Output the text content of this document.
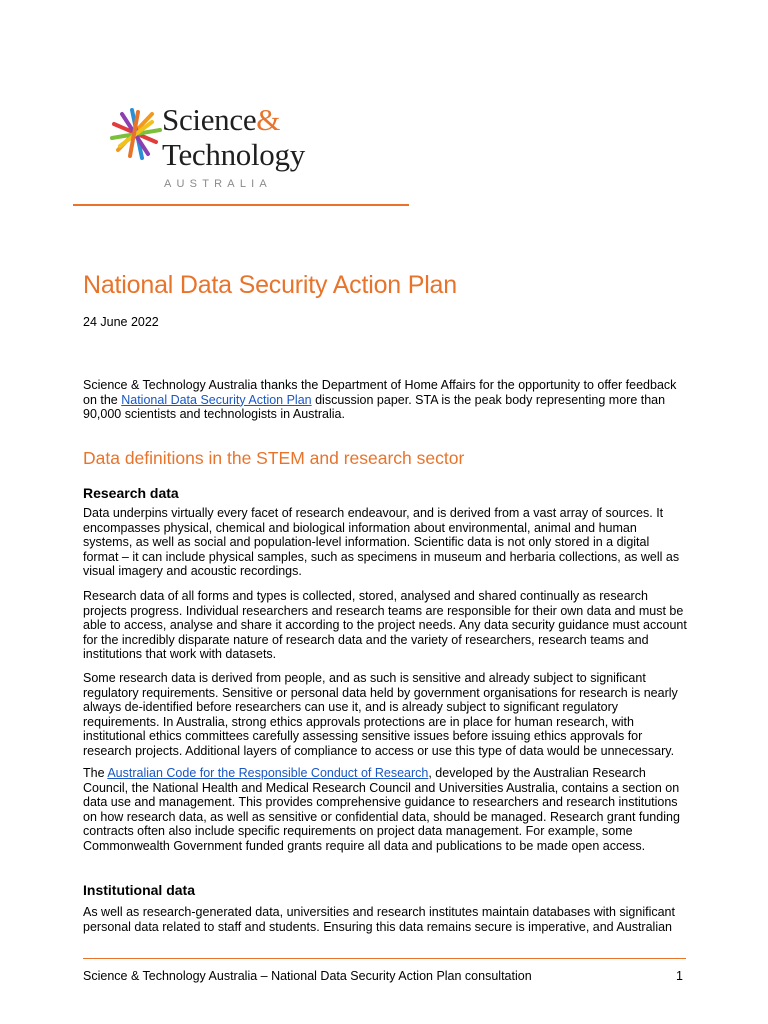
Science&
Technology
AUSTRALIA
National Data Security Action Plan
24 June 2022

Science & Technology Australia thanks the Department of Home Affairs for the opportunity to offer feedback on the National Data Security Action Plan discussion paper. STA is the peak body representing more than 90,000 scientists and technologists in Australia.

Data definitions in the STEM and research sector
Research data

Data underpins virtually every facet of research endeavour, and is derived from a vast array of sources. It encompasses physical, chemical and biological information about environmental, animal and human systems, as well as social and population-level information. Scientific data is not only stored in a digital format – it can include physical samples, such as specimens in museum and herbaria collections, as well as visual imagery and acoustic recordings.

Research data of all forms and types is collected, stored, analysed and shared continually as research projects progress. Individual researchers and research teams are responsible for their own data and must be able to access, analyse and share it according to the project needs. Any data security guidance must account for the incredibly disparate nature of research data and the variety of researchers, research teams and institutions that work with datasets.

Some research data is derived from people, and as such is sensitive and already subject to significant regulatory requirements. Sensitive or personal data held by government organisations for research is nearly always de-identified before researchers can use it, and is already subject to significant regulatory requirements. In Australia, strong ethics approvals protections are in place for human research, with institutional ethics committees carefully assessing sensitive issues before issuing ethics approvals for research projects. Additional layers of compliance to access or use this type of data would be unnecessary.

The Australian Code for the Responsible Conduct of Research, developed by the Australian Research Council, the National Health and Medical Research Council and Universities Australia, contains a section on data use and management. This provides comprehensive guidance to researchers and research institutions on how research data, as well as sensitive or confidential data, should be managed. Research grant funding contracts often also include specific requirements on project data management. For example, some Commonwealth Government funded grants require all data and publications to be made open access.

Institutional data

As well as research-generated data, universities and research institutes maintain databases with significant personal data related to staff and students. Ensuring this data remains secure is imperative, and Australian

Science & Technology Australia – National Data Security Action Plan consultation	1
